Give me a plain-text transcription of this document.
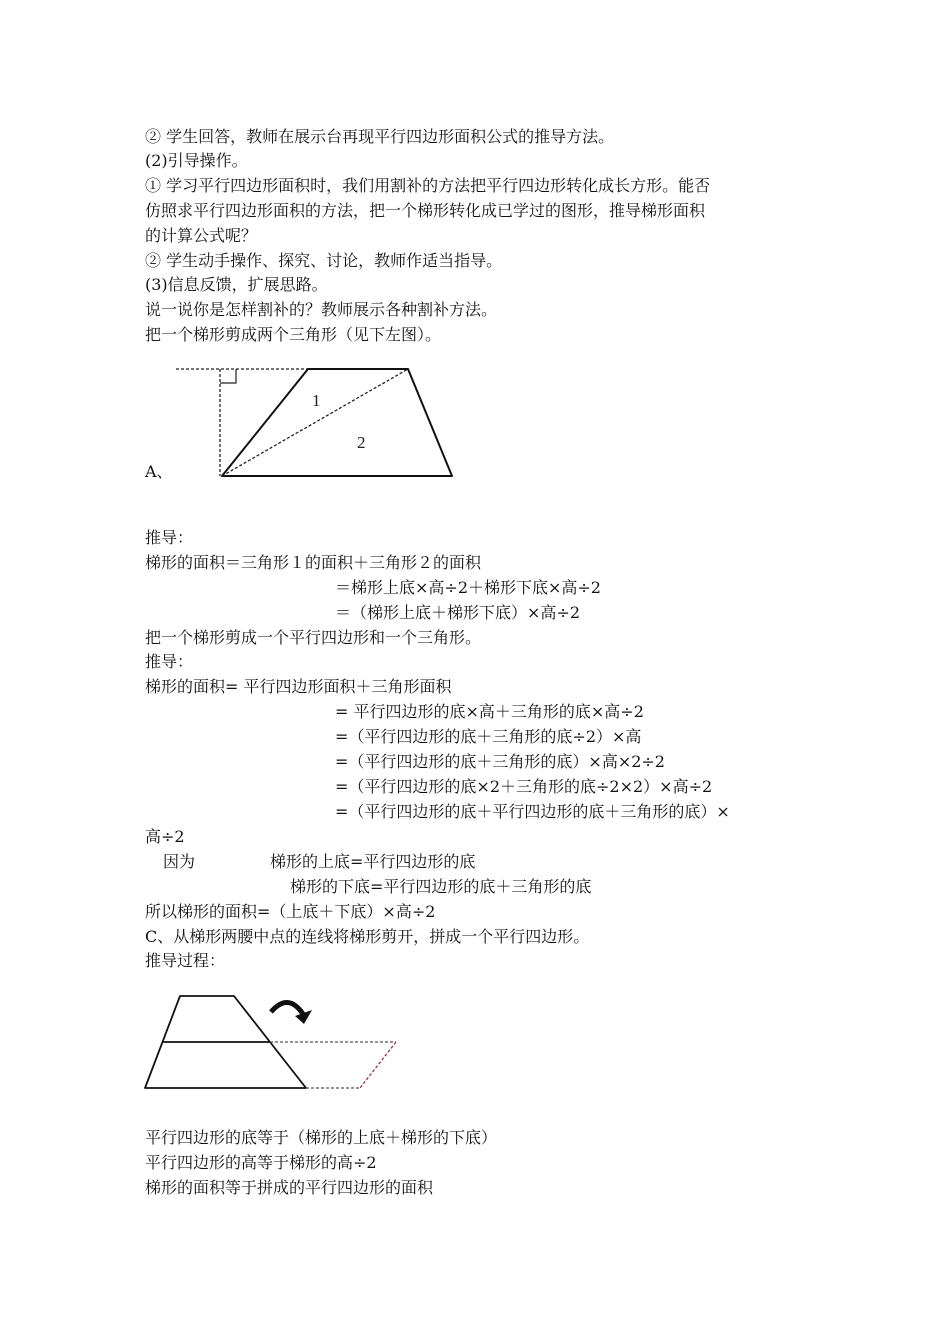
② 学生回答，教师在展示台再现平行四边形面积公式的推导方法。

(2)引导操作。

① 学习平行四边形面积时，我们用割补的方法把平行四边形转化成长方形。能否

仿照求平行四边形面积的方法，把一个梯形转化成已学过的图形，推导梯形面积

的计算公式呢？

② 学生动手操作、探究、讨论，教师作适当指导。

(3)信息反馈，扩展思路。

说一说你是怎样割补的？教师展示各种割补方法。

把一个梯形剪成两个三角形（见下左图）。

1
2

A、

推导：

梯形的面积＝三角形１的面积＋三角形２的面积

＝梯形上底×高÷2＋梯形下底×高÷2

＝（梯形上底＋梯形下底）×高÷2

把一个梯形剪成一个平行四边形和一个三角形。

推导：

梯形的面积= 平行四边形面积＋三角形面积

= 平行四边形的底×高＋三角形的底×高÷2

=（平行四边形的底＋三角形的底÷2）×高

=（平行四边形的底＋三角形的底）×高×2÷2

=（平行四边形的底×2＋三角形的底÷2×2）×高÷2

=（平行四边形的底＋平行四边形的底＋三角形的底）×

高÷2

因为	梯形的上底=平行四边形的底

梯形的下底=平行四边形的底＋三角形的底

所以梯形的面积=（上底＋下底）×高÷2

C、从梯形两腰中点的连线将梯形剪开，拼成一个平行四边形。

推导过程：

平行四边形的底等于（梯形的上底＋梯形的下底）

平行四边形的高等于梯形的高÷2

梯形的面积等于拼成的平行四边形的面积
